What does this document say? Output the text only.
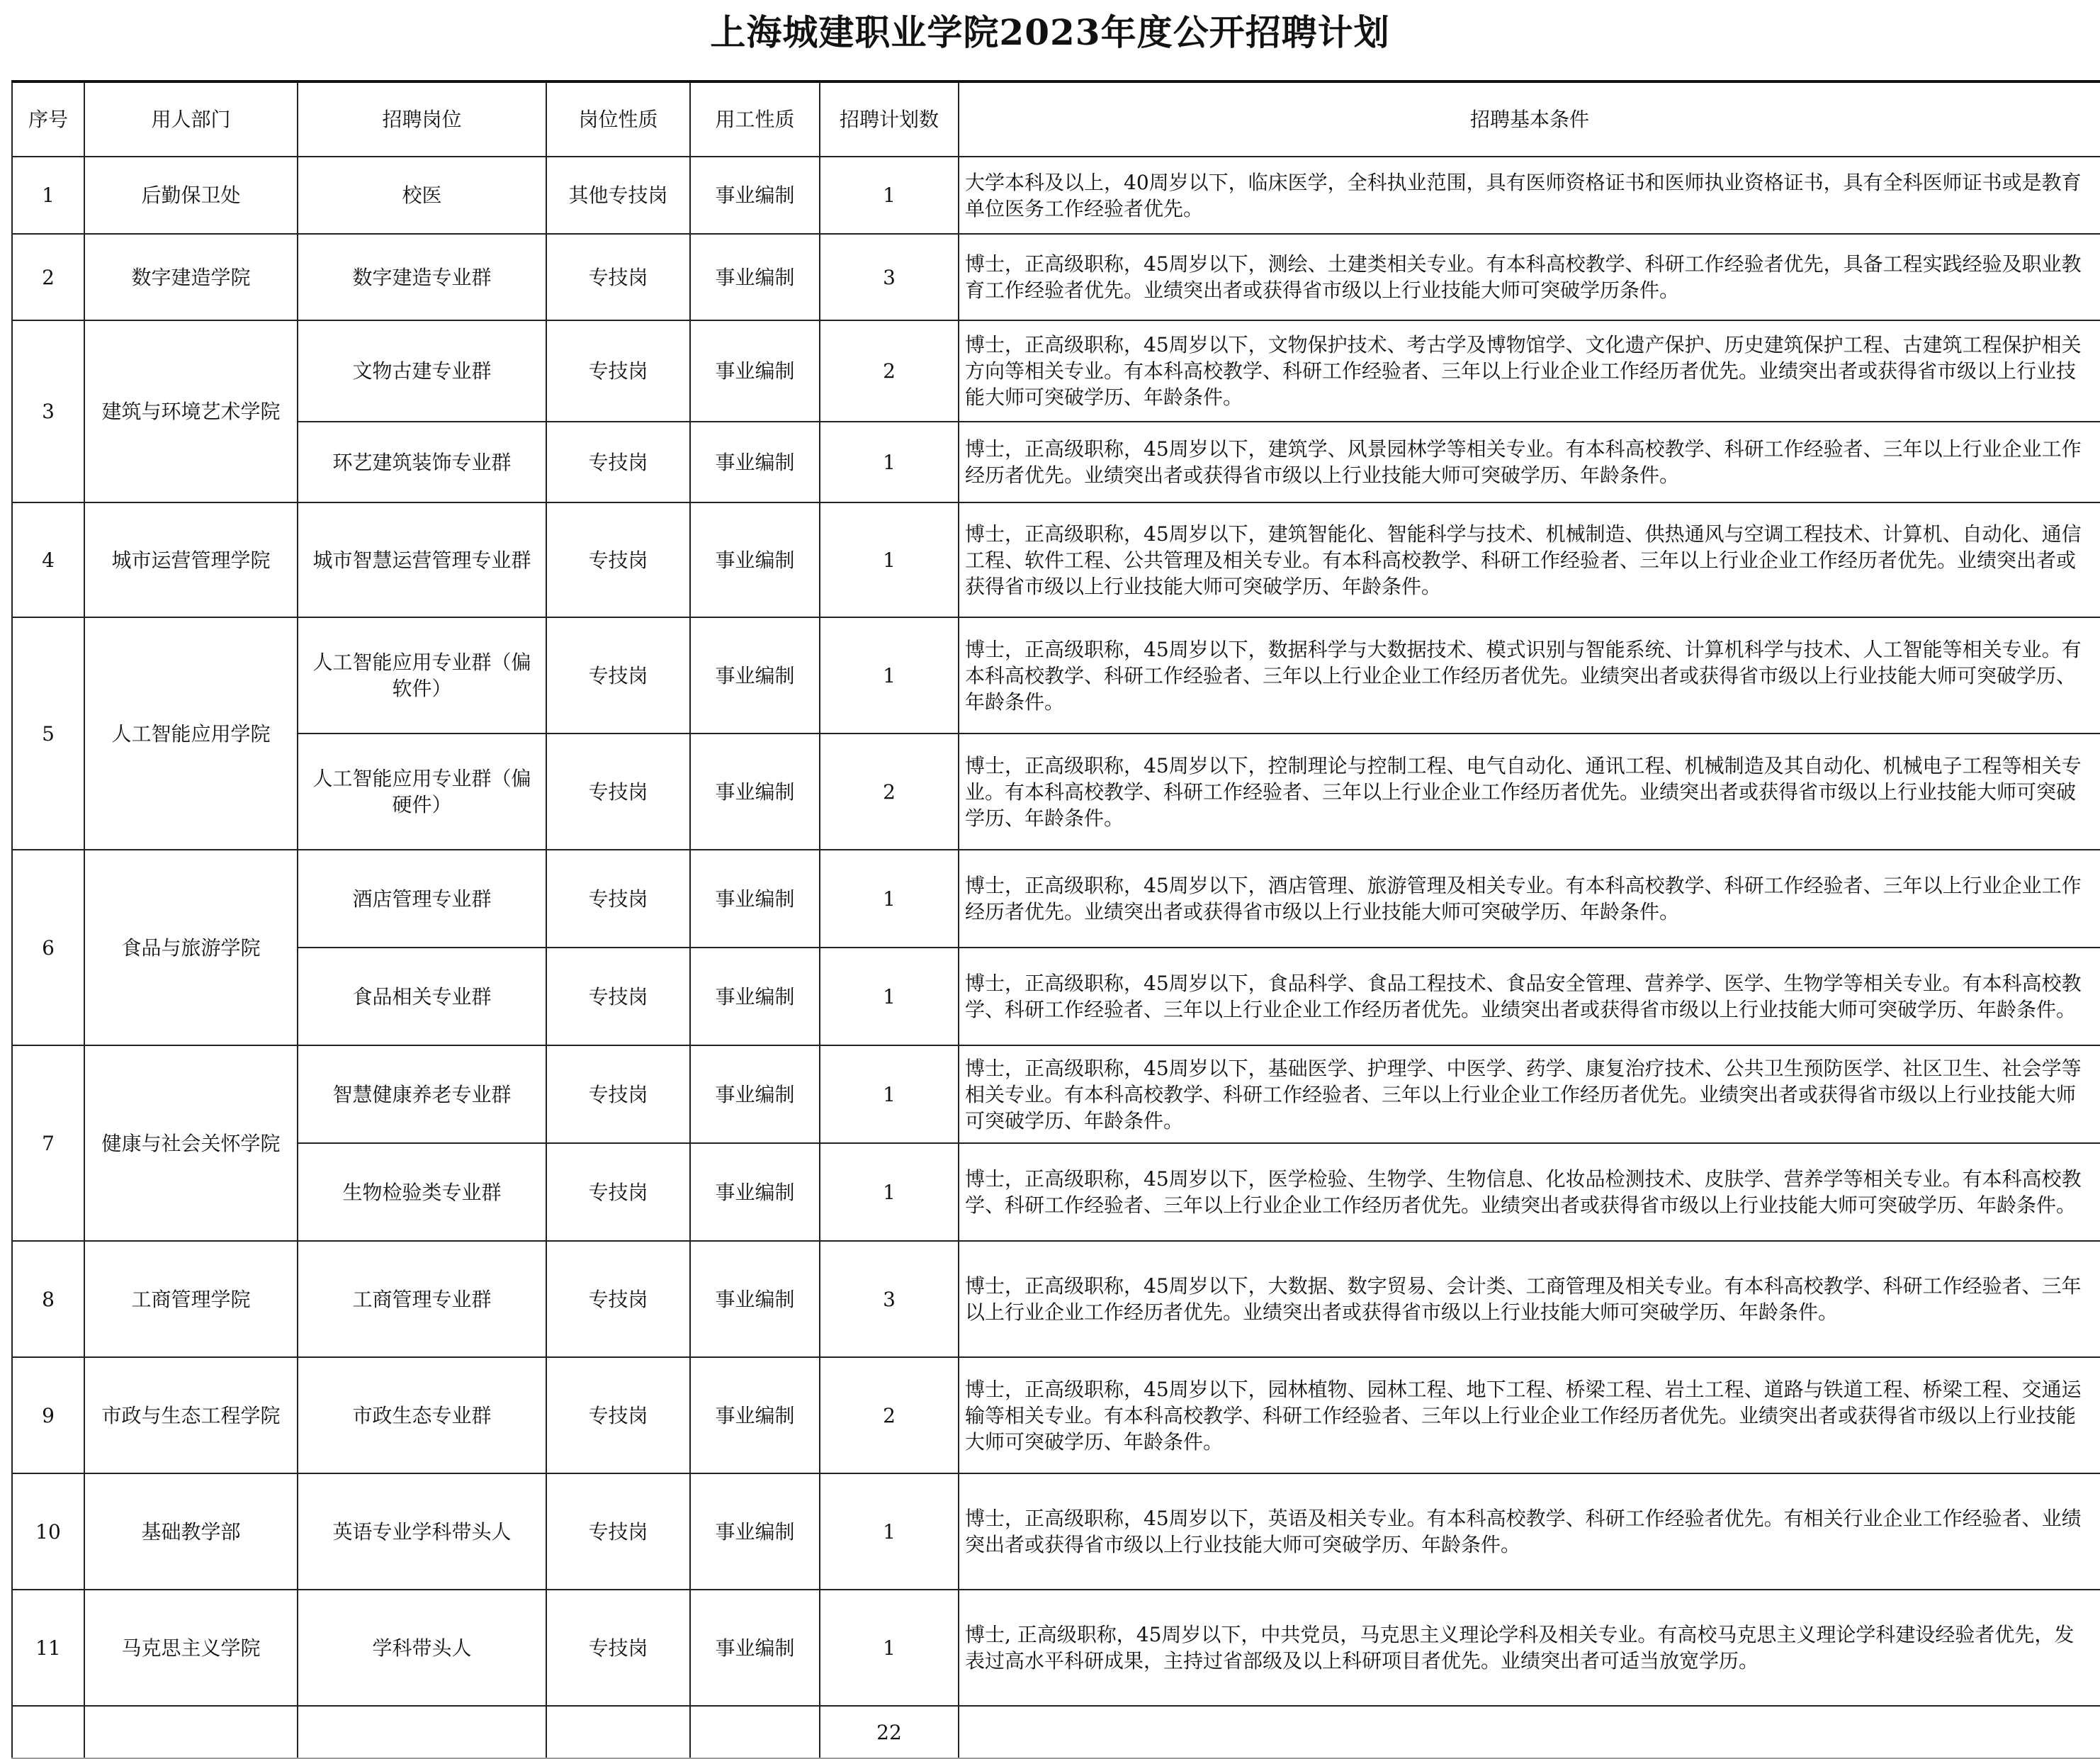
上海城建职业学院2023年度公开招聘计划
序号	用人部门	招聘岗位	岗位性质	用工性质	招聘计划数	招聘基本条件
1	后勤保卫处	校医	其他专技岗	事业编制	1	大学本科及以上，40周岁以下，临床医学，全科执业范围，具有医师资格证书和医师执业资格证书，具有全科医师证书或是教育单位医务工作经验者优先。
2	数字建造学院	数字建造专业群	专技岗	事业编制	3	博士，正高级职称，45周岁以下，测绘、土建类相关专业。有本科高校教学、科研工作经验者优先，具备工程实践经验及职业教育工作经验者优先。业绩突出者或获得省市级以上行业技能大师可突破学历条件。
3	建筑与环境艺术学院	文物古建专业群	专技岗	事业编制	2	博士，正高级职称，45周岁以下，文物保护技术、考古学及博物馆学、文化遗产保护、历史建筑保护工程、古建筑工程保护相关方向等相关专业。有本科高校教学、科研工作经验者、三年以上行业企业工作经历者优先。业绩突出者或获得省市级以上行业技能大师可突破学历、年龄条件。
		环艺建筑装饰专业群	专技岗	事业编制	1	博士，正高级职称，45周岁以下，建筑学、风景园林学等相关专业。有本科高校教学、科研工作经验者、三年以上行业企业工作经历者优先。业绩突出者或获得省市级以上行业技能大师可突破学历、年龄条件。
4	城市运营管理学院	城市智慧运营管理专业群	专技岗	事业编制	1	博士，正高级职称，45周岁以下，建筑智能化、智能科学与技术、机械制造、供热通风与空调工程技术、计算机、自动化、通信工程、软件工程、公共管理及相关专业。有本科高校教学、科研工作经验者、三年以上行业企业工作经历者优先。业绩突出者或获得省市级以上行业技能大师可突破学历、年龄条件。
5	人工智能应用学院	人工智能应用专业群（偏软件）	专技岗	事业编制	1	博士，正高级职称，45周岁以下，数据科学与大数据技术、模式识别与智能系统、计算机科学与技术、人工智能等相关专业。有本科高校教学、科研工作经验者、三年以上行业企业工作经历者优先。业绩突出者或获得省市级以上行业技能大师可突破学历、年龄条件。
		人工智能应用专业群（偏硬件）	专技岗	事业编制	2	博士，正高级职称，45周岁以下，控制理论与控制工程、电气自动化、通讯工程、机械制造及其自动化、机械电子工程等相关专业。有本科高校教学、科研工作经验者、三年以上行业企业工作经历者优先。业绩突出者或获得省市级以上行业技能大师可突破学历、年龄条件。
6	食品与旅游学院	酒店管理专业群	专技岗	事业编制	1	博士，正高级职称，45周岁以下，酒店管理、旅游管理及相关专业。有本科高校教学、科研工作经验者、三年以上行业企业工作经历者优先。业绩突出者或获得省市级以上行业技能大师可突破学历、年龄条件。
		食品相关专业群	专技岗	事业编制	1	博士，正高级职称，45周岁以下，食品科学、食品工程技术、食品安全管理、营养学、医学、生物学等相关专业。有本科高校教学、科研工作经验者、三年以上行业企业工作经历者优先。业绩突出者或获得省市级以上行业技能大师可突破学历、年龄条件。
7	健康与社会关怀学院	智慧健康养老专业群	专技岗	事业编制	1	博士，正高级职称，45周岁以下，基础医学、护理学、中医学、药学、康复治疗技术、公共卫生预防医学、社区卫生、社会学等相关专业。有本科高校教学、科研工作经验者、三年以上行业企业工作经历者优先。业绩突出者或获得省市级以上行业技能大师可突破学历、年龄条件。
		生物检验类专业群	专技岗	事业编制	1	博士，正高级职称，45周岁以下，医学检验、生物学、生物信息、化妆品检测技术、皮肤学、营养学等相关专业。有本科高校教学、科研工作经验者、三年以上行业企业工作经历者优先。业绩突出者或获得省市级以上行业技能大师可突破学历、年龄条件。
8	工商管理学院	工商管理专业群	专技岗	事业编制	3	博士，正高级职称，45周岁以下，大数据、数字贸易、会计类、工商管理及相关专业。有本科高校教学、科研工作经验者、三年以上行业企业工作经历者优先。业绩突出者或获得省市级以上行业技能大师可突破学历、年龄条件。
9	市政与生态工程学院	市政生态专业群	专技岗	事业编制	2	博士，正高级职称，45周岁以下，园林植物、园林工程、地下工程、桥梁工程、岩土工程、道路与铁道工程、桥梁工程、交通运输等相关专业。有本科高校教学、科研工作经验者、三年以上行业企业工作经历者优先。业绩突出者或获得省市级以上行业技能大师可突破学历、年龄条件。
10	基础教学部	英语专业学科带头人	专技岗	事业编制	1	博士，正高级职称，45周岁以下，英语及相关专业。有本科高校教学、科研工作经验者优先。有相关行业企业工作经验者、业绩突出者或获得省市级以上行业技能大师可突破学历、年龄条件。
11	马克思主义学院	学科带头人	专技岗	事业编制	1	博士, 正高级职称，45周岁以下，中共党员，马克思主义理论学科及相关专业。有高校马克思主义理论学科建设经验者优先，发表过高水平科研成果，主持过省部级及以上科研项目者优先。业绩突出者可适当放宽学历。
					22	
